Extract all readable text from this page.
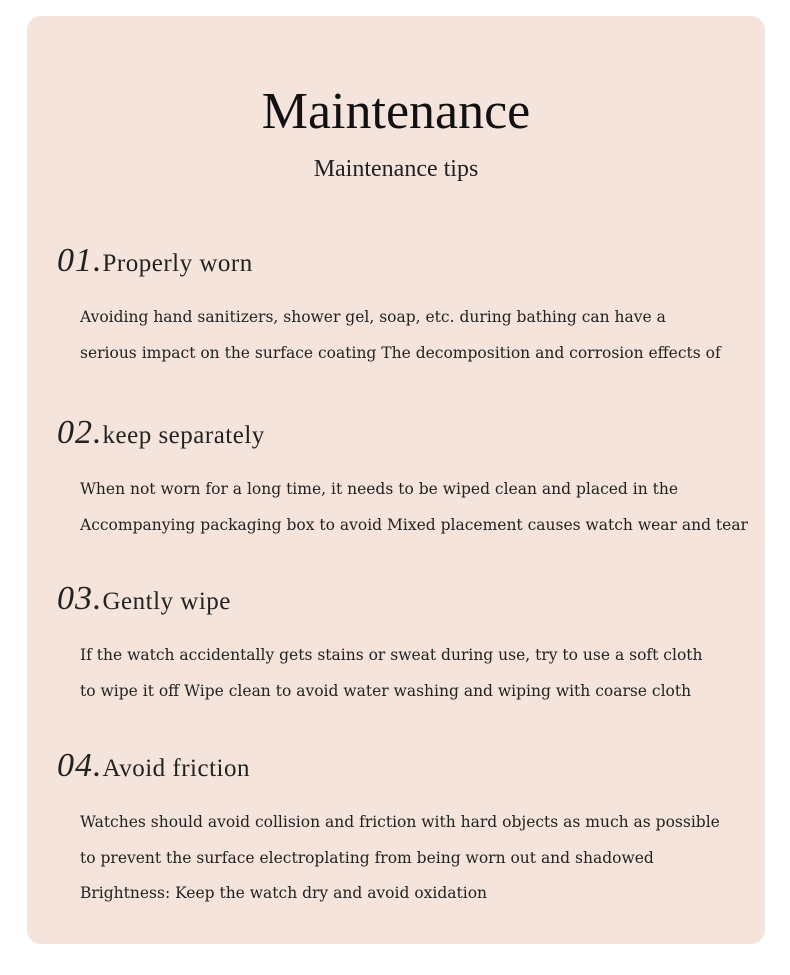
Maintenance
Maintenance tips
01.Properly worn

Avoiding hand sanitizers, shower gel, soap, etc. during bathing can have a

serious impact on the surface coating The decomposition and corrosion effects of

02.keep separately

When not worn for a long time, it needs to be wiped clean and placed in the

Accompanying packaging box to avoid Mixed placement causes watch wear and tear

03.Gently wipe

If the watch accidentally gets stains or sweat during use, try to use a soft cloth

to wipe it off Wipe clean to avoid water washing and wiping with coarse cloth

04.Avoid friction

Watches should avoid collision and friction with hard objects as much as possible

to prevent the surface electroplating from being worn out and shadowed

Brightness: Keep the watch dry and avoid oxidation
